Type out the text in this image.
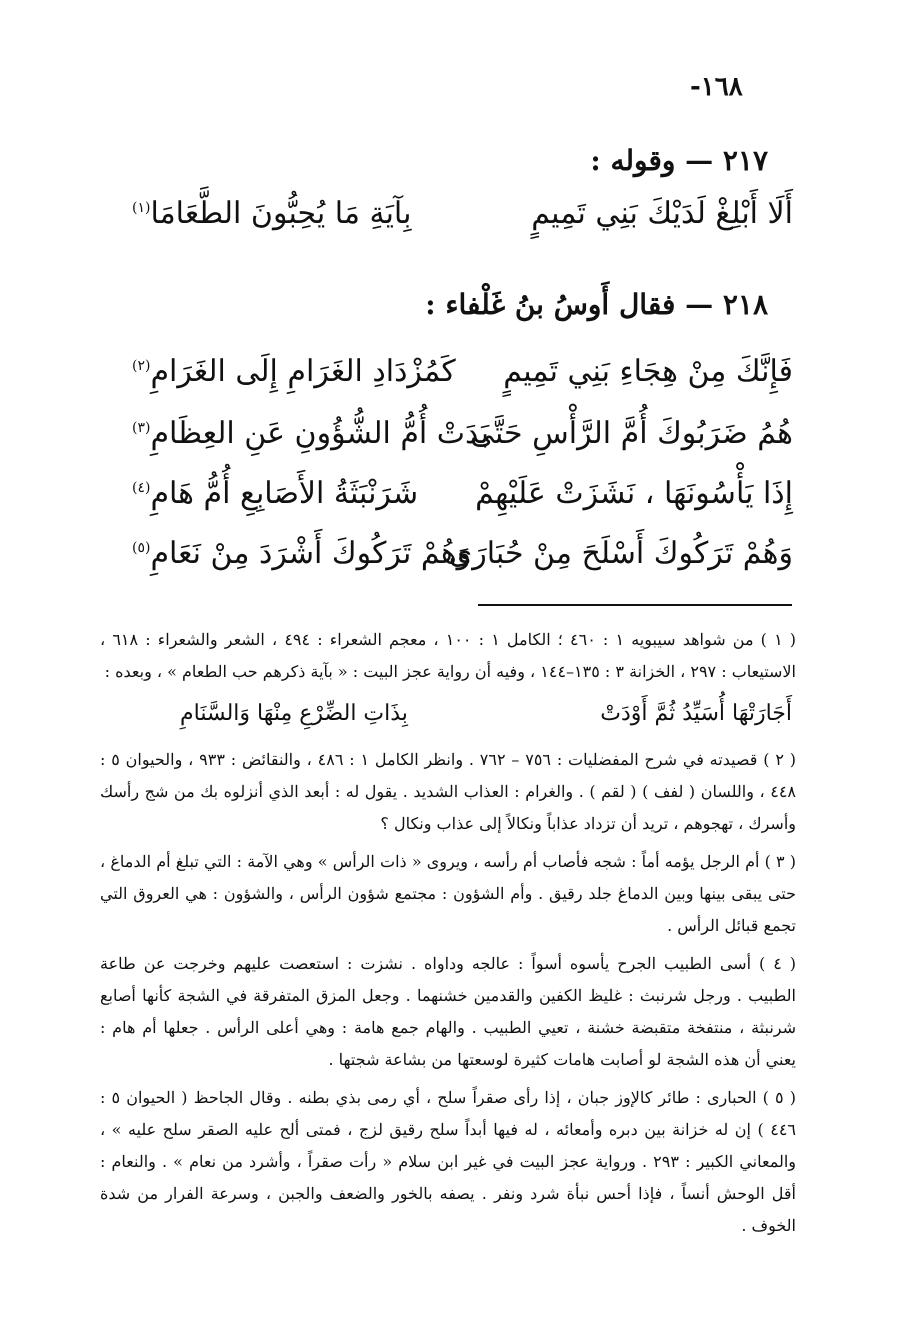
١٦٨-
٢١٧ — وقوله :
أَلَا أَبْلِغْ لَدَيْكَ بَنِي تَمِيمٍ
بِآيَةِ مَا يُحِبُّونَ الطَّعَامَا$^{(١)}$
٢١٨ — فقال أَوسُ بنُ غَلْفاء :
فَإِنَّكَ مِنْ هِجَاءِ بَنِي تَمِيمٍ
كَمُزْدَادِ الغَرَامِ إِلَى الغَرَامِ$^{(٢)}$
هُمُ ضَرَبُوكَ أُمَّ الرَّأْسِ حَتَّى
بَدَتْ أُمُّ الشُّؤُونِ عَنِ العِظَامِ$^{(٣)}$
إِذَا يَأْسُونَهَا ، نَشَزَتْ عَلَيْهِمْ
شَرَنْبَثَةُ الأَصَابِعِ أُمُّ هَامِ$^{(٤)}$
وَهُمْ تَرَكُوكَ أَسْلَحَ مِنْ حُبَارَى
وَهُمْ تَرَكُوكَ أَشْرَدَ مِنْ نَعَامِ$^{(٥)}$

( ١ ) من شواهد سيبويه ١ : ٤٦٠ ؛ الكامل ١ : ١٠٠ ، معجم الشعراء : ٤٩٤ ، الشعر والشعراء : ٦١٨ ، الاستيعاب : ٢٩٧ ، الخزانة ٣ : ١٣٥–١٤٤ ، وفيه أن رواية عجز البيت : « بآية ذكرهم حب الطعام » ، وبعده :

أَجَارَتْهَا أُسَيِّدُ ثُمَّ أَوْدَتْ
بِذَاتِ الضِّرْعِ مِنْهَا وَالسَّنَامِ

( ٢ ) قصيدته في شرح المفضليات : ٧٥٦ – ٧٦٢ . وانظر الكامل ١ : ٤٨٦ ، والنقائض : ٩٣٣ ، والحيوان ٥ : ٤٤٨ ، واللسان ( لفف ) ( لقم ) . والغرام : العذاب الشديد . يقول له : أبعد الذي أنزلوه بك من شج رأسك وأسرك ، تهجوهم ، تريد أن تزداد عذاباً ونكالاً إلى عذاب ونكال ؟

( ٣ ) أم الرجل يؤمه أماً : شجه فأصاب أم رأسه ، ويروى « ذات الرأس » وهي الآمة : التي تبلغ أم الدماغ ، حتى يبقى بينها وبين الدماغ جلد رقيق . وأم الشؤون : مجتمع شؤون الرأس ، والشؤون : هي العروق التي تجمع قبائل الرأس .

( ٤ ) أسى الطبيب الجرح يأسوه أسواً : عالجه وداواه . نشزت : استعصت عليهم وخرجت عن طاعة الطبيب . ورجل شرنبث : غليظ الكفين والقدمين خشنهما . وجعل المزق المتفرقة في الشجة كأنها أصابع شرنبثة ، منتفخة متقبضة خشنة ، تعيي الطبيب . والهام جمع هامة : وهي أعلى الرأس . جعلها أم هام : يعني أن هذه الشجة لو أصابت هامات كثيرة لوسعتها من بشاعة شجتها .

( ٥ ) الحبارى : طائر كالإوز جبان ، إذا رأى صقراً سلح ، أي رمى بذي بطنه . وقال الجاحظ ( الحيوان ٥ : ٤٤٦ ) إن له خزانة بين دبره وأمعائه ، له فيها أبداً سلح رقيق لزج ، فمتى ألح عليه الصقر سلح عليه » ، والمعاني الكبير : ٢٩٣ . ورواية عجز البيت في غير ابن سلام « رأت صقراً ، وأشرد من نعام » . والنعام : أقل الوحش أنساً ، فإذا أحس نبأة شرد ونفر . يصفه بالخور والضعف والجبن ، وسرعة الفرار من شدة الخوف .
